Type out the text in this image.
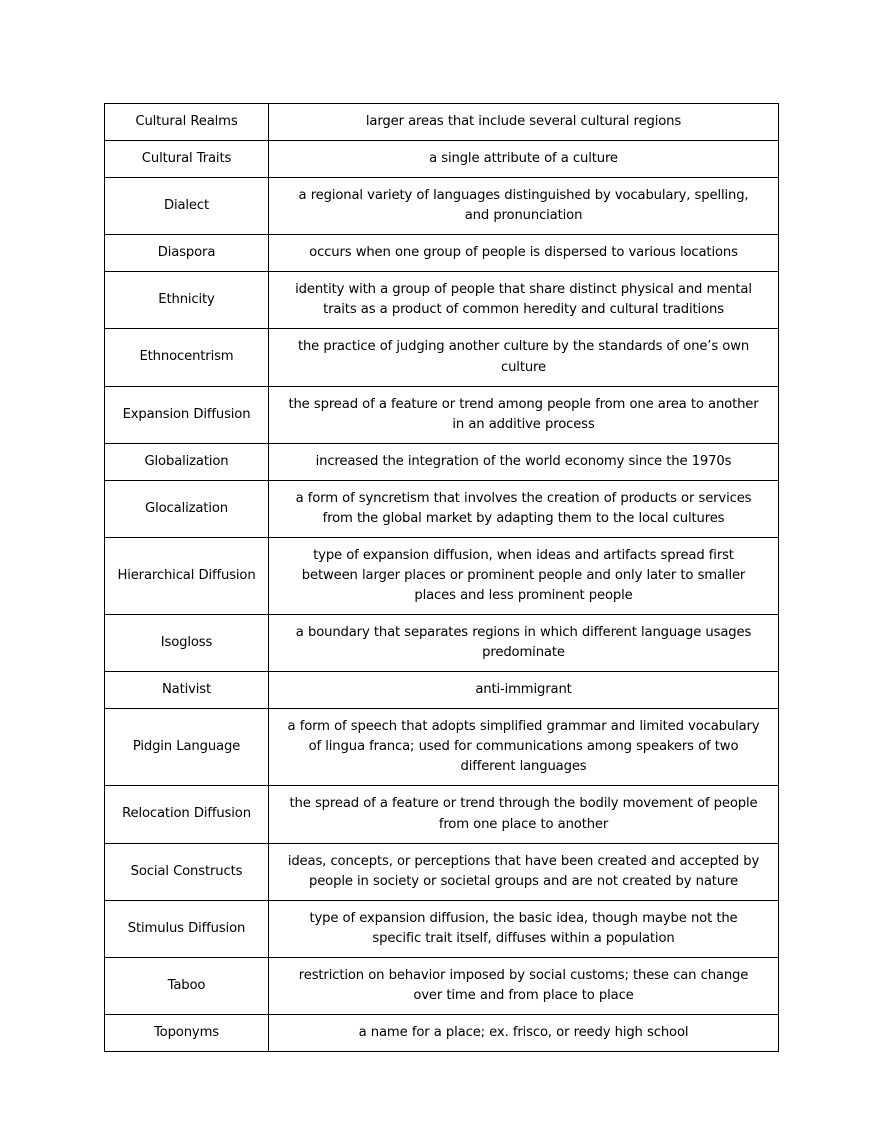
Cultural Realms	larger areas that include several cultural regions
Cultural Traits	a single attribute of a culture
Dialect	a regional variety of languages distinguished by vocabulary, spelling, and pronunciation
Diaspora	occurs when one group of people is dispersed to various locations
Ethnicity	identity with a group of people that share distinct physical and mental traits as a product of common heredity and cultural traditions
Ethnocentrism	the practice of judging another culture by the standards of one’s own culture
Expansion Diffusion	the spread of a feature or trend among people from one area to another in an additive process
Globalization	increased the integration of the world economy since the 1970s
Glocalization	a form of syncretism that involves the creation of products or services from the global market by adapting them to the local cultures
Hierarchical Diffusion	type of expansion diffusion, when ideas and artifacts spread first between larger places or prominent people and only later to smaller places and less prominent people
Isogloss	a boundary that separates regions in which different language usages predominate
Nativist	anti-immigrant
Pidgin Language	a form of speech that adopts simplified grammar and limited vocabulary of lingua franca; used for communications among speakers of two different languages
Relocation Diffusion	the spread of a feature or trend through the bodily movement of people from one place to another
Social Constructs	ideas, concepts, or perceptions that have been created and accepted by people in society or societal groups and are not created by nature
Stimulus Diffusion	type of expansion diffusion, the basic idea, though maybe not the specific trait itself, diffuses within a population
Taboo	restriction on behavior imposed by social customs; these can change over time and from place to place
Toponyms	a name for a place; ex. frisco, or reedy high school
